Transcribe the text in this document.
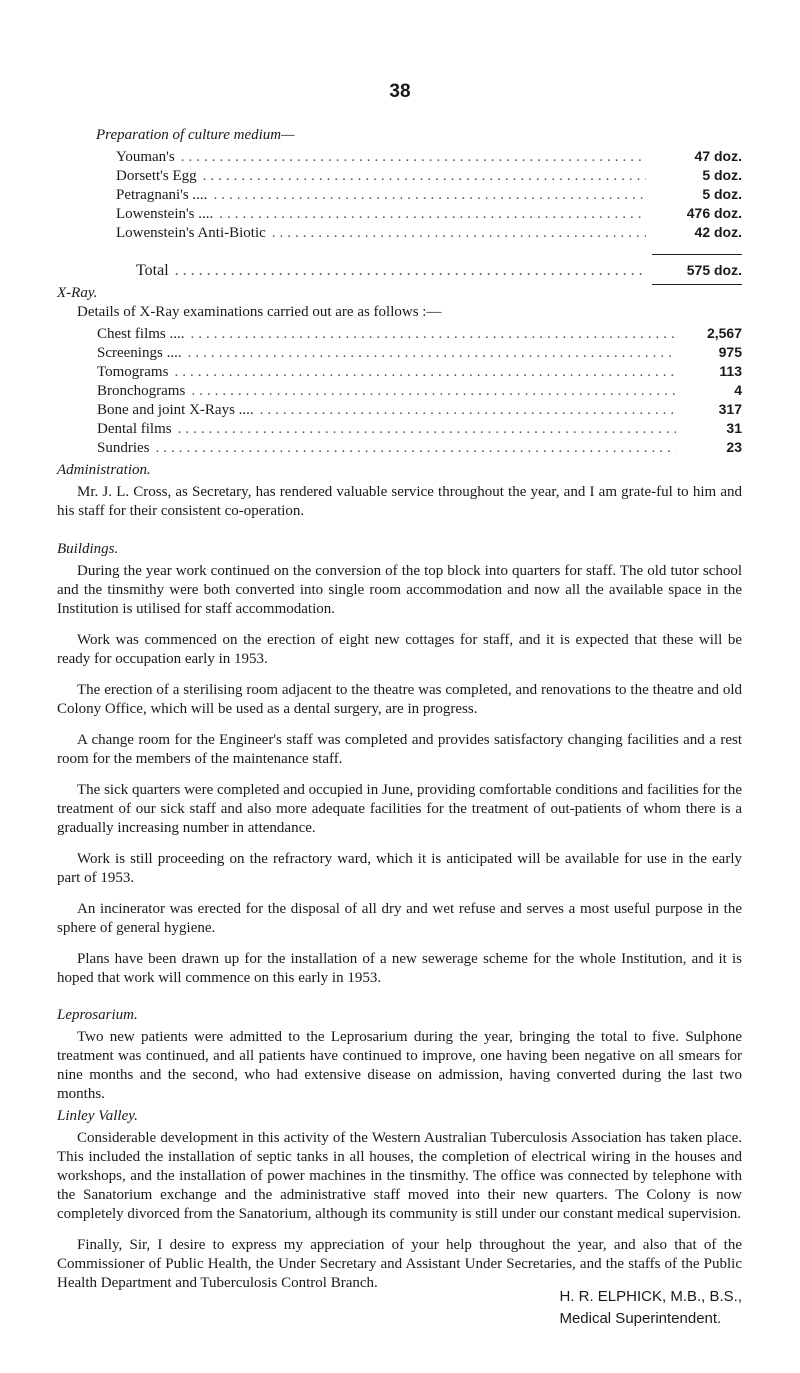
38

Preparation of culture medium—

Youman's .....	47 doz.
Dorsett's Egg .....	5 doz.
Petragnani's .... .....	5 doz.
Lowenstein's .... .....	476 doz.
Lowenstein's Anti-Biotic .....	42 doz.
Total .....	575 doz.

X-Ray.

Details of X-Ray examinations carried out are as follows :—

Chest films .... .....	2,567
Screenings .... .....	975
Tomograms .....	113
Bronchograms .....	4
Bone and joint X-Rays .... .....	317
Dental films .....	31
Sundries .....	23
Administration.

Mr. J. L. Cross, as Secretary, has rendered valuable service throughout the year, and I am grate-ful to him and his staff for their consistent co-operation.

Buildings.

During the year work continued on the conversion of the top block into quarters for staff. The old tutor school and the tinsmithy were both converted into single room accommodation and now all the available space in the Institution is utilised for staff accommodation.

Work was commenced on the erection of eight new cottages for staff, and it is expected that these will be ready for occupation early in 1953.

The erection of a sterilising room adjacent to the theatre was completed, and renovations to the theatre and old Colony Office, which will be used as a dental surgery, are in progress.

A change room for the Engineer's staff was completed and provides satisfactory changing facilities and a rest room for the members of the maintenance staff.

The sick quarters were completed and occupied in June, providing comfortable conditions and facilities for the treatment of our sick staff and also more adequate facilities for the treatment of out-patients of whom there is a gradually increasing number in attendance.

Work is still proceeding on the refractory ward, which it is anticipated will be available for use in the early part of 1953.

An incinerator was erected for the disposal of all dry and wet refuse and serves a most useful purpose in the sphere of general hygiene.

Plans have been drawn up for the installation of a new sewerage scheme for the whole Institution, and it is hoped that work will commence on this early in 1953.

Leprosarium.

Two new patients were admitted to the Leprosarium during the year, bringing the total to five. Sulphone treatment was continued, and all patients have continued to improve, one having been negative on all smears for nine months and the second, who had extensive disease on admission, having converted during the last two months.

Linley Valley.

Considerable development in this activity of the Western Australian Tuberculosis Association has taken place. This included the installation of septic tanks in all houses, the completion of electrical wiring in the houses and workshops, and the installation of power machines in the tinsmithy. The office was connected by telephone with the Sanatorium exchange and the administrative staff moved into their new quarters. The Colony is now completely divorced from the Sanatorium, although its community is still under our constant medical supervision.

Finally, Sir, I desire to express my appreciation of your help throughout the year, and also that of the Commissioner of Public Health, the Under Secretary and Assistant Under Secretaries, and the staffs of the Public Health Department and Tuberculosis Control Branch.

H. R. ELPHICK, M.B., B.S.,
Medical Superintendent.
